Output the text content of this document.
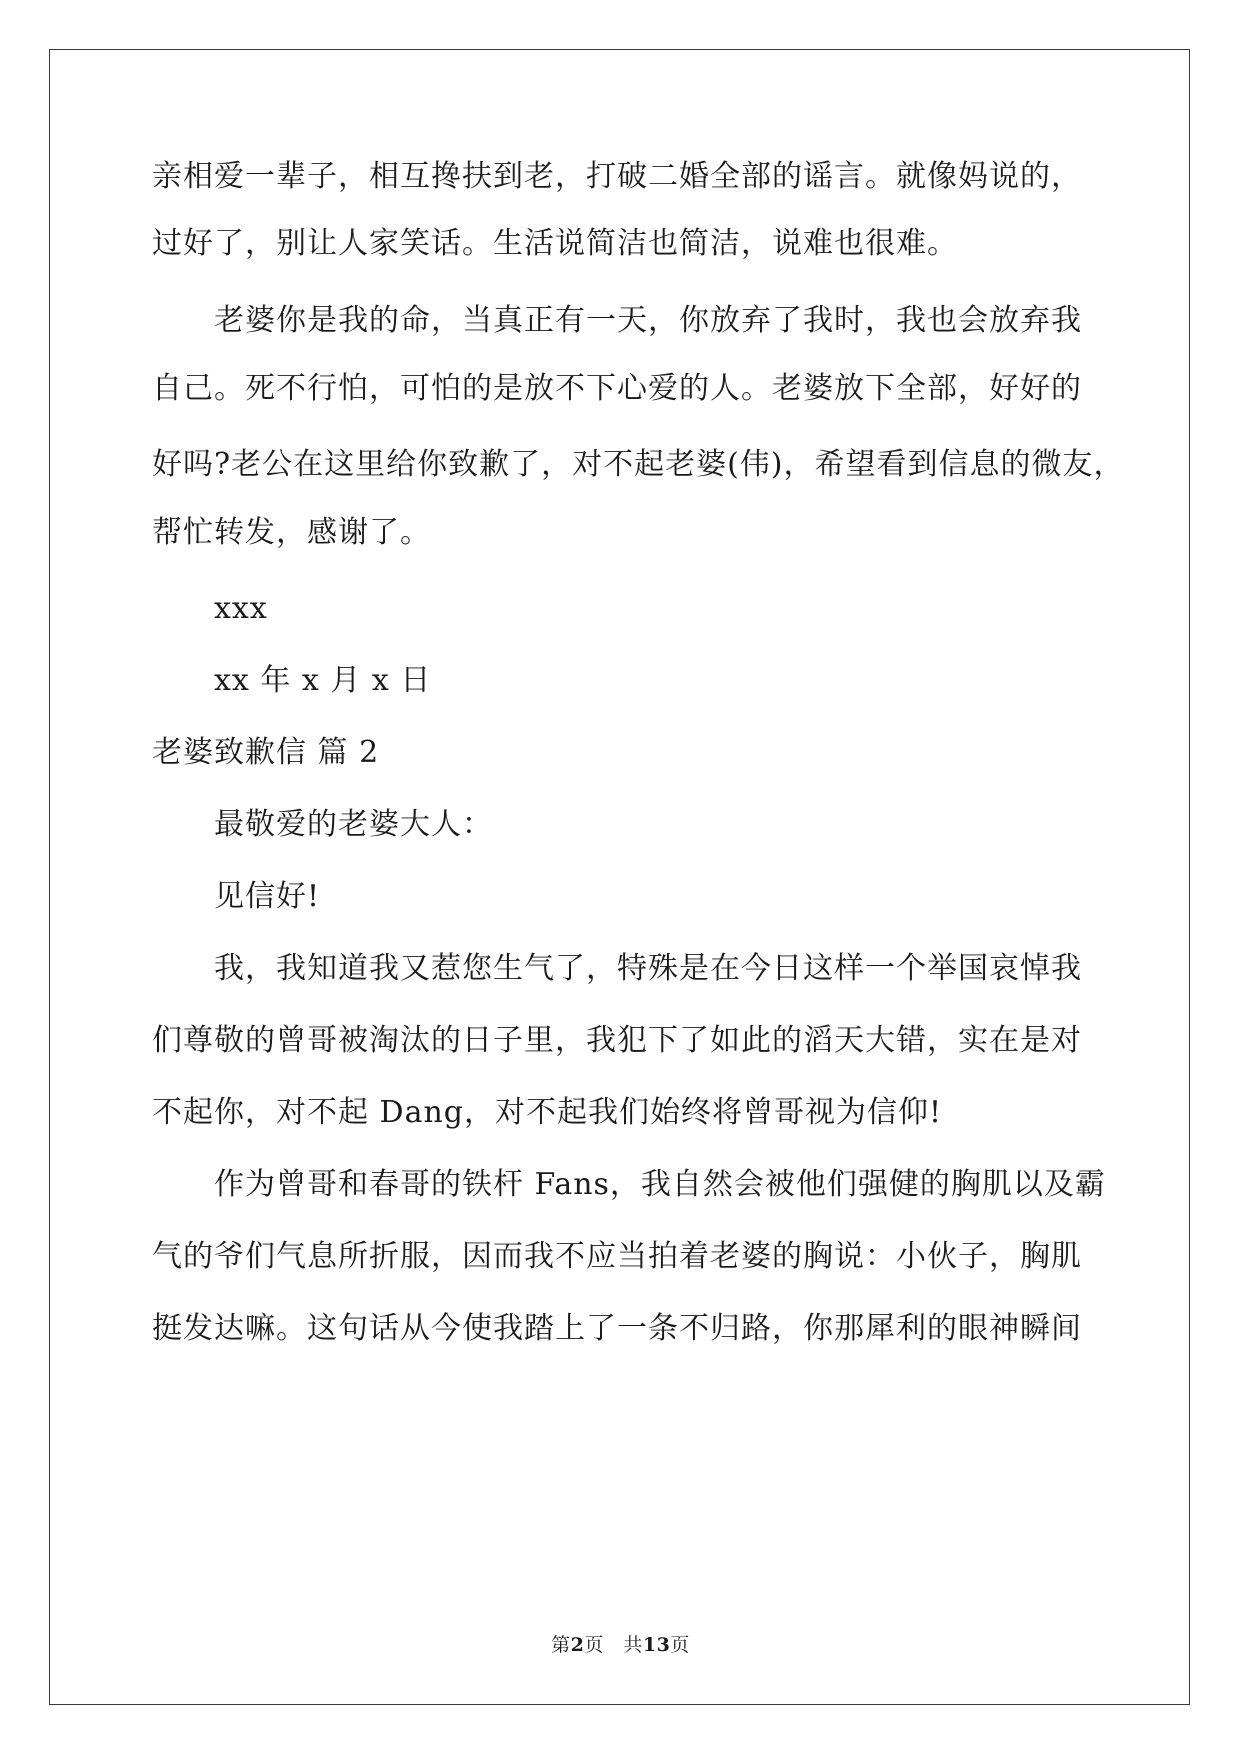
亲相爱一辈子，相互搀扶到老，打破二婚全部的谣言。就像妈说的，
过好了，别让人家笑话。生活说简洁也简洁，说难也很难。
老婆你是我的命，当真正有一天，你放弃了我时，我也会放弃我
自己。死不行怕，可怕的是放不下心爱的人。老婆放下全部，好好的
好吗?老公在这里给你致歉了，对不起老婆(伟)，希望看到信息的微友，
帮忙转发，感谢了。
xxx
xx 年 x 月 x 日
老婆致歉信 篇 2
最敬爱的老婆大人：
见信好!
我，我知道我又惹您生气了，特殊是在今日这样一个举国哀悼我
们尊敬的曾哥被淘汰的日子里，我犯下了如此的滔天大错，实在是对
不起你，对不起 Dang，对不起我们始终将曾哥视为信仰!
作为曾哥和春哥的铁杆 Fans，我自然会被他们强健的胸肌以及霸
气的爷们气息所折服，因而我不应当拍着老婆的胸说：小伙子，胸肌
挺发达嘛。这句话从今使我踏上了一条不归路，你那犀利的眼神瞬间
第2页　共13页
